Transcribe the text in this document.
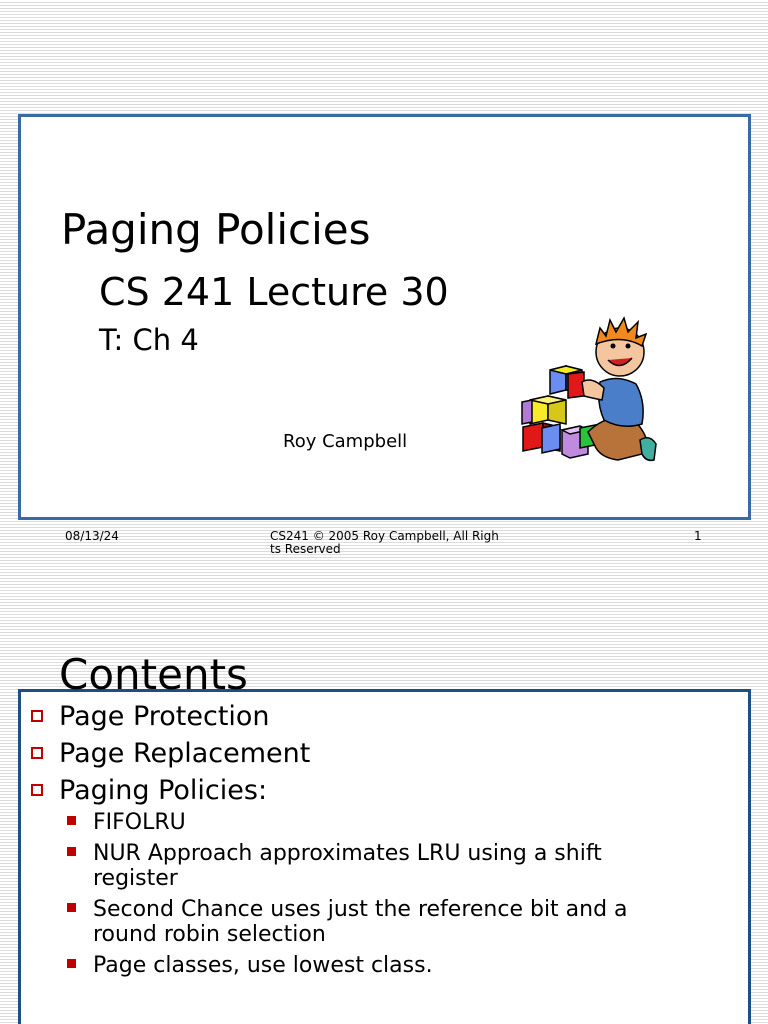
Paging Policies
CS 241 Lecture 30
T: Ch 4
Roy Campbell
08/13/24	CS241 © 2005 Roy Campbell, All Rights Reserved
1
Contents
Page Protection
Page Replacement
Paging Policies:
FIFOLRU
NUR Approach approximates LRU using a shift register
Second Chance uses just the reference bit and a round robin selection
Page classes, use lowest class.
